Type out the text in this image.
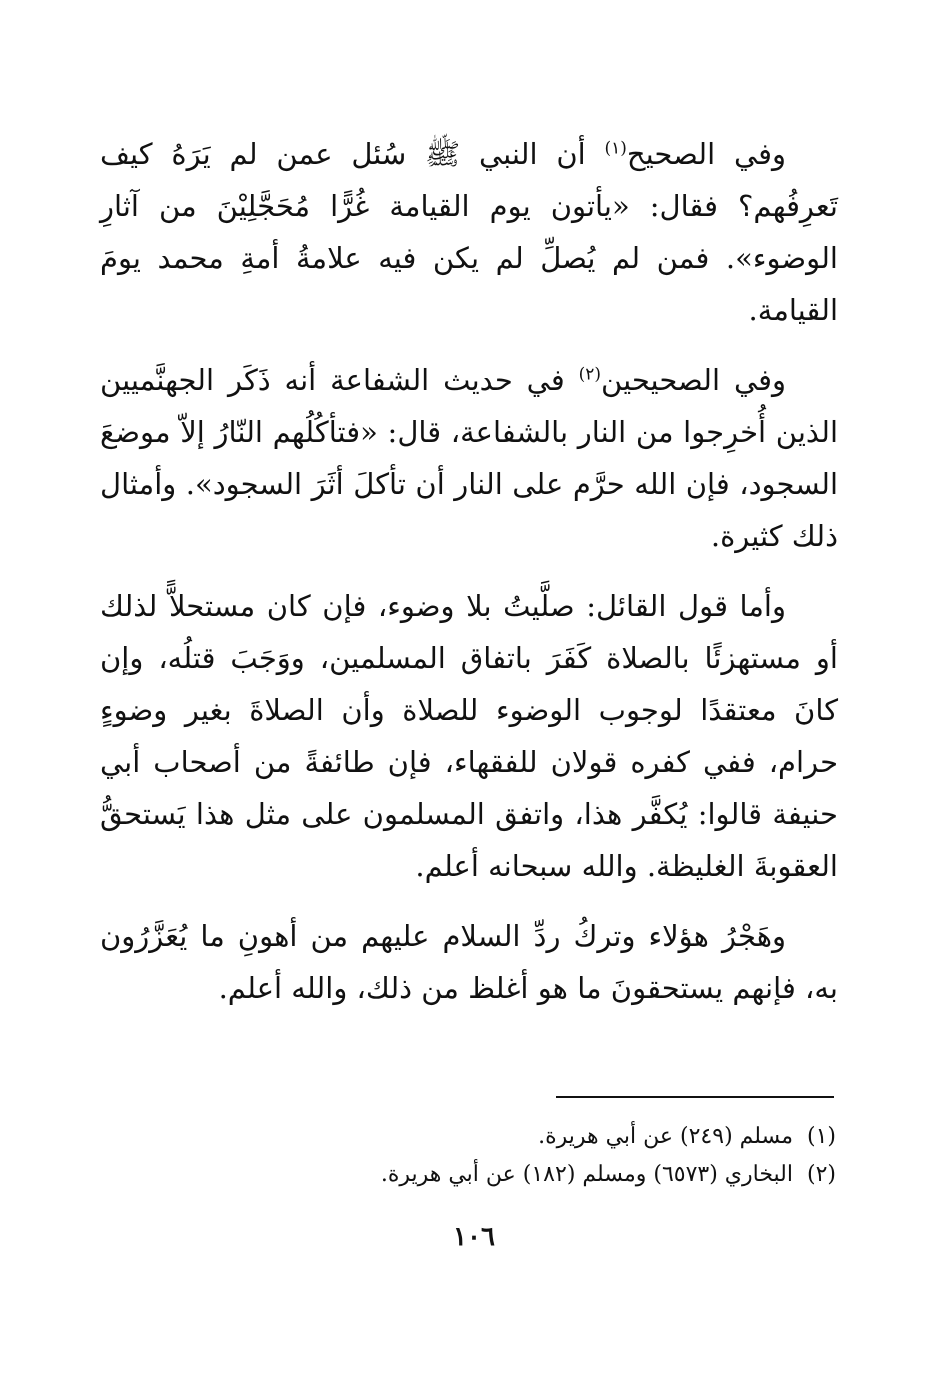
وفي الصحيح$^{(١)}$ أن النبي ﷺ سُئل عمن لم يَرَهُ كيف تَعرِفُهم؟ فقال: «يأتون يوم القيامة غُرًّا مُحَجَّلِيْنَ من آثارِ الوضوء». فمن لم يُصلِّ لم يكن فيه علامةُ أمةِ محمد يومَ القيامة.

وفي الصحيحين$^{(٢)}$ في حديث الشفاعة أنه ذَكَر الجهنَّميين الذين أُخرِجوا من النار بالشفاعة، قال: «فتأكُلُهم النّارُ إلاّ موضعَ السجود، فإن الله حرَّم على النار أن تأكلَ أثَرَ السجود». وأمثال ذلك كثيرة.

وأما قول القائل: صلَّيتُ بلا وضوء، فإن كان مستحلاًّ لذلك أو مستهزئًا بالصلاة كَفَرَ باتفاق المسلمين، ووَجَبَ قتلُه، وإن كانَ معتقدًا لوجوب الوضوء للصلاة وأن الصلاةَ بغير وضوءٍ حرام، ففي كفره قولان للفقهاء، فإن طائفةً من أصحاب أبي حنيفة قالوا: يُكفَّر هذا، واتفق المسلمون على مثل هذا يَستحقُّ العقوبةَ الغليظة. والله سبحانه أعلم.

وهَجْرُ هؤلاء وتركُ ردِّ السلام عليهم من أهونِ ما يُعَزَّرُون به، فإنهم يستحقونَ ما هو أغلظ من ذلك، والله أعلم.

(١)مسلم (٢٤٩) عن أبي هريرة.

(٢)البخاري (٦٥٧٣) ومسلم (١٨٢) عن أبي هريرة.

١٠٦
